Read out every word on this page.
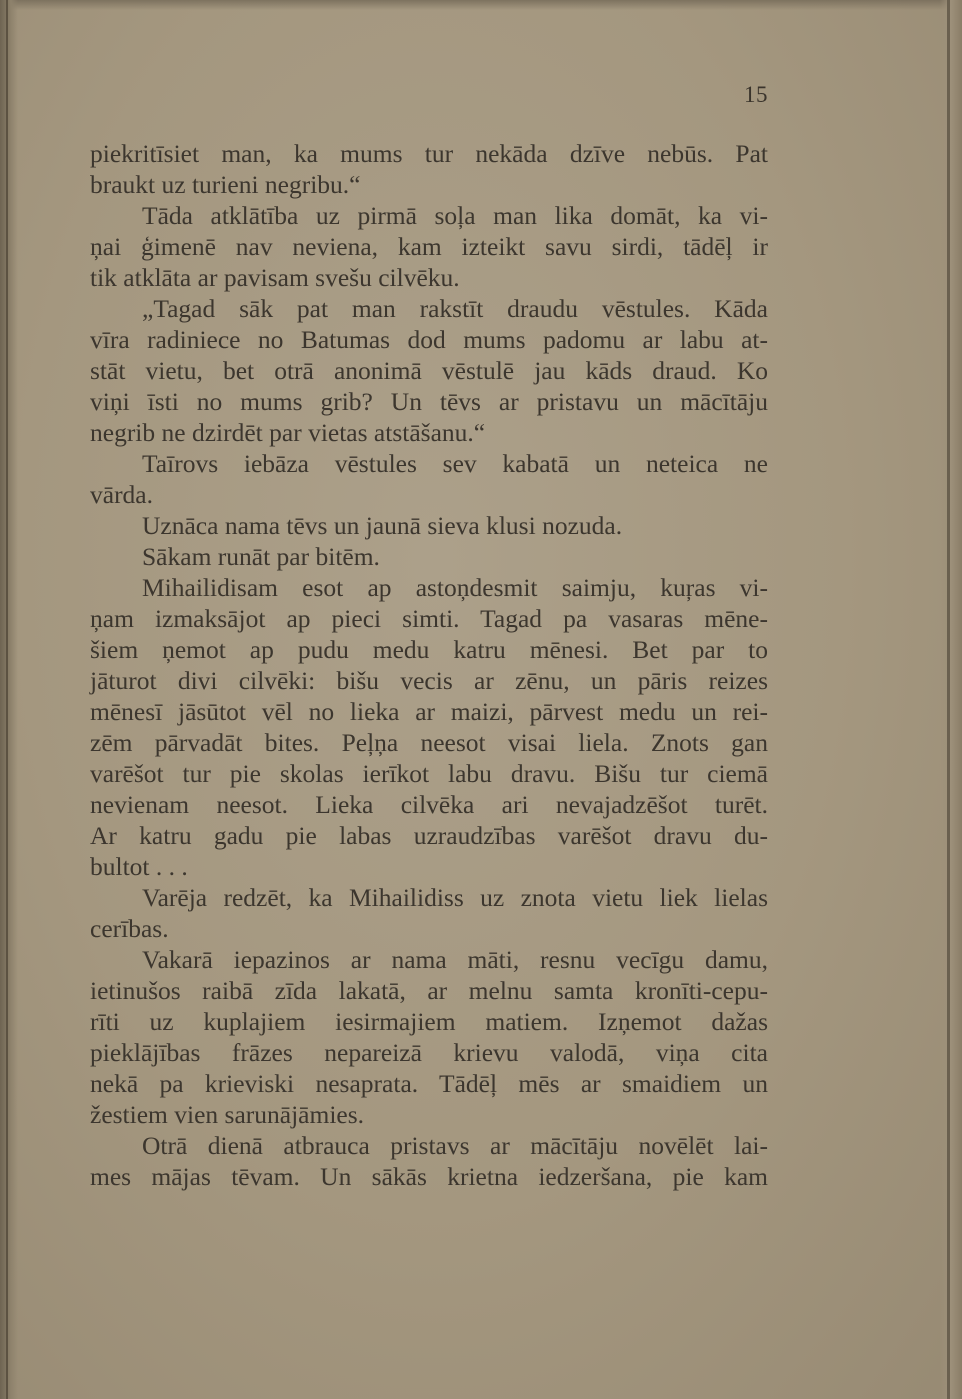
15
piekritīsiet man, ka mums tur nekāda dzīve nebūs. Pat
braukt uz turieni negribu.“
Tāda atklātība uz pirmā soļa man lika domāt, ka vi-
ņai ģimenē nav neviena, kam izteikt savu sirdi, tādēļ ir
tik atklāta ar pavisam svešu cilvēku.
„Tagad sāk pat man rakstīt draudu vēstules. Kāda
vīra radiniece no Batumas dod mums padomu ar labu at-
stāt vietu, bet otrā anonimā vēstulē jau kāds draud. Ko
viņi īsti no mums grib? Un tēvs ar pristavu un mācītāju
negrib ne dzirdēt par vietas atstāšanu.“
Taīrovs iebāza vēstules sev kabatā un neteica ne
vārda.
Uznāca nama tēvs un jaunā sieva klusi nozuda.
Sākam runāt par bitēm.
Mihailidisam esot ap astoņdesmit saimju, kuŗas vi-
ņam izmaksājot ap pieci simti. Tagad pa vasaras mēne-
šiem ņemot ap pudu medu katru mēnesi. Bet par to
jāturot divi cilvēki: bišu vecis ar zēnu, un pāris reizes
mēnesī jāsūtot vēl no lieka ar maizi, pārvest medu un rei-
zēm pārvadāt bites. Peļņa neesot visai liela. Znots gan
varēšot tur pie skolas ierīkot labu dravu. Bišu tur ciemā
nevienam neesot. Lieka cilvēka ari nevajadzēšot turēt.
Ar katru gadu pie labas uzraudzības varēšot dravu du-
bultot . . .
Varēja redzēt, ka Mihailidiss uz znota vietu liek lielas
cerības.
Vakarā iepazinos ar nama māti, resnu vecīgu damu,
ietinušos raibā zīda lakatā, ar melnu samta kronīti-cepu-
rīti uz kuplajiem iesirmajiem matiem. Izņemot dažas
pieklājības frāzes nepareizā krievu valodā, viņa cita
nekā pa krieviski nesaprata. Tādēļ mēs ar smaidiem un
žestiem vien sarunājāmies.
Otrā dienā atbrauca pristavs ar mācītāju novēlēt lai-
mes mājas tēvam. Un sākās krietna iedzeršana, pie kam
